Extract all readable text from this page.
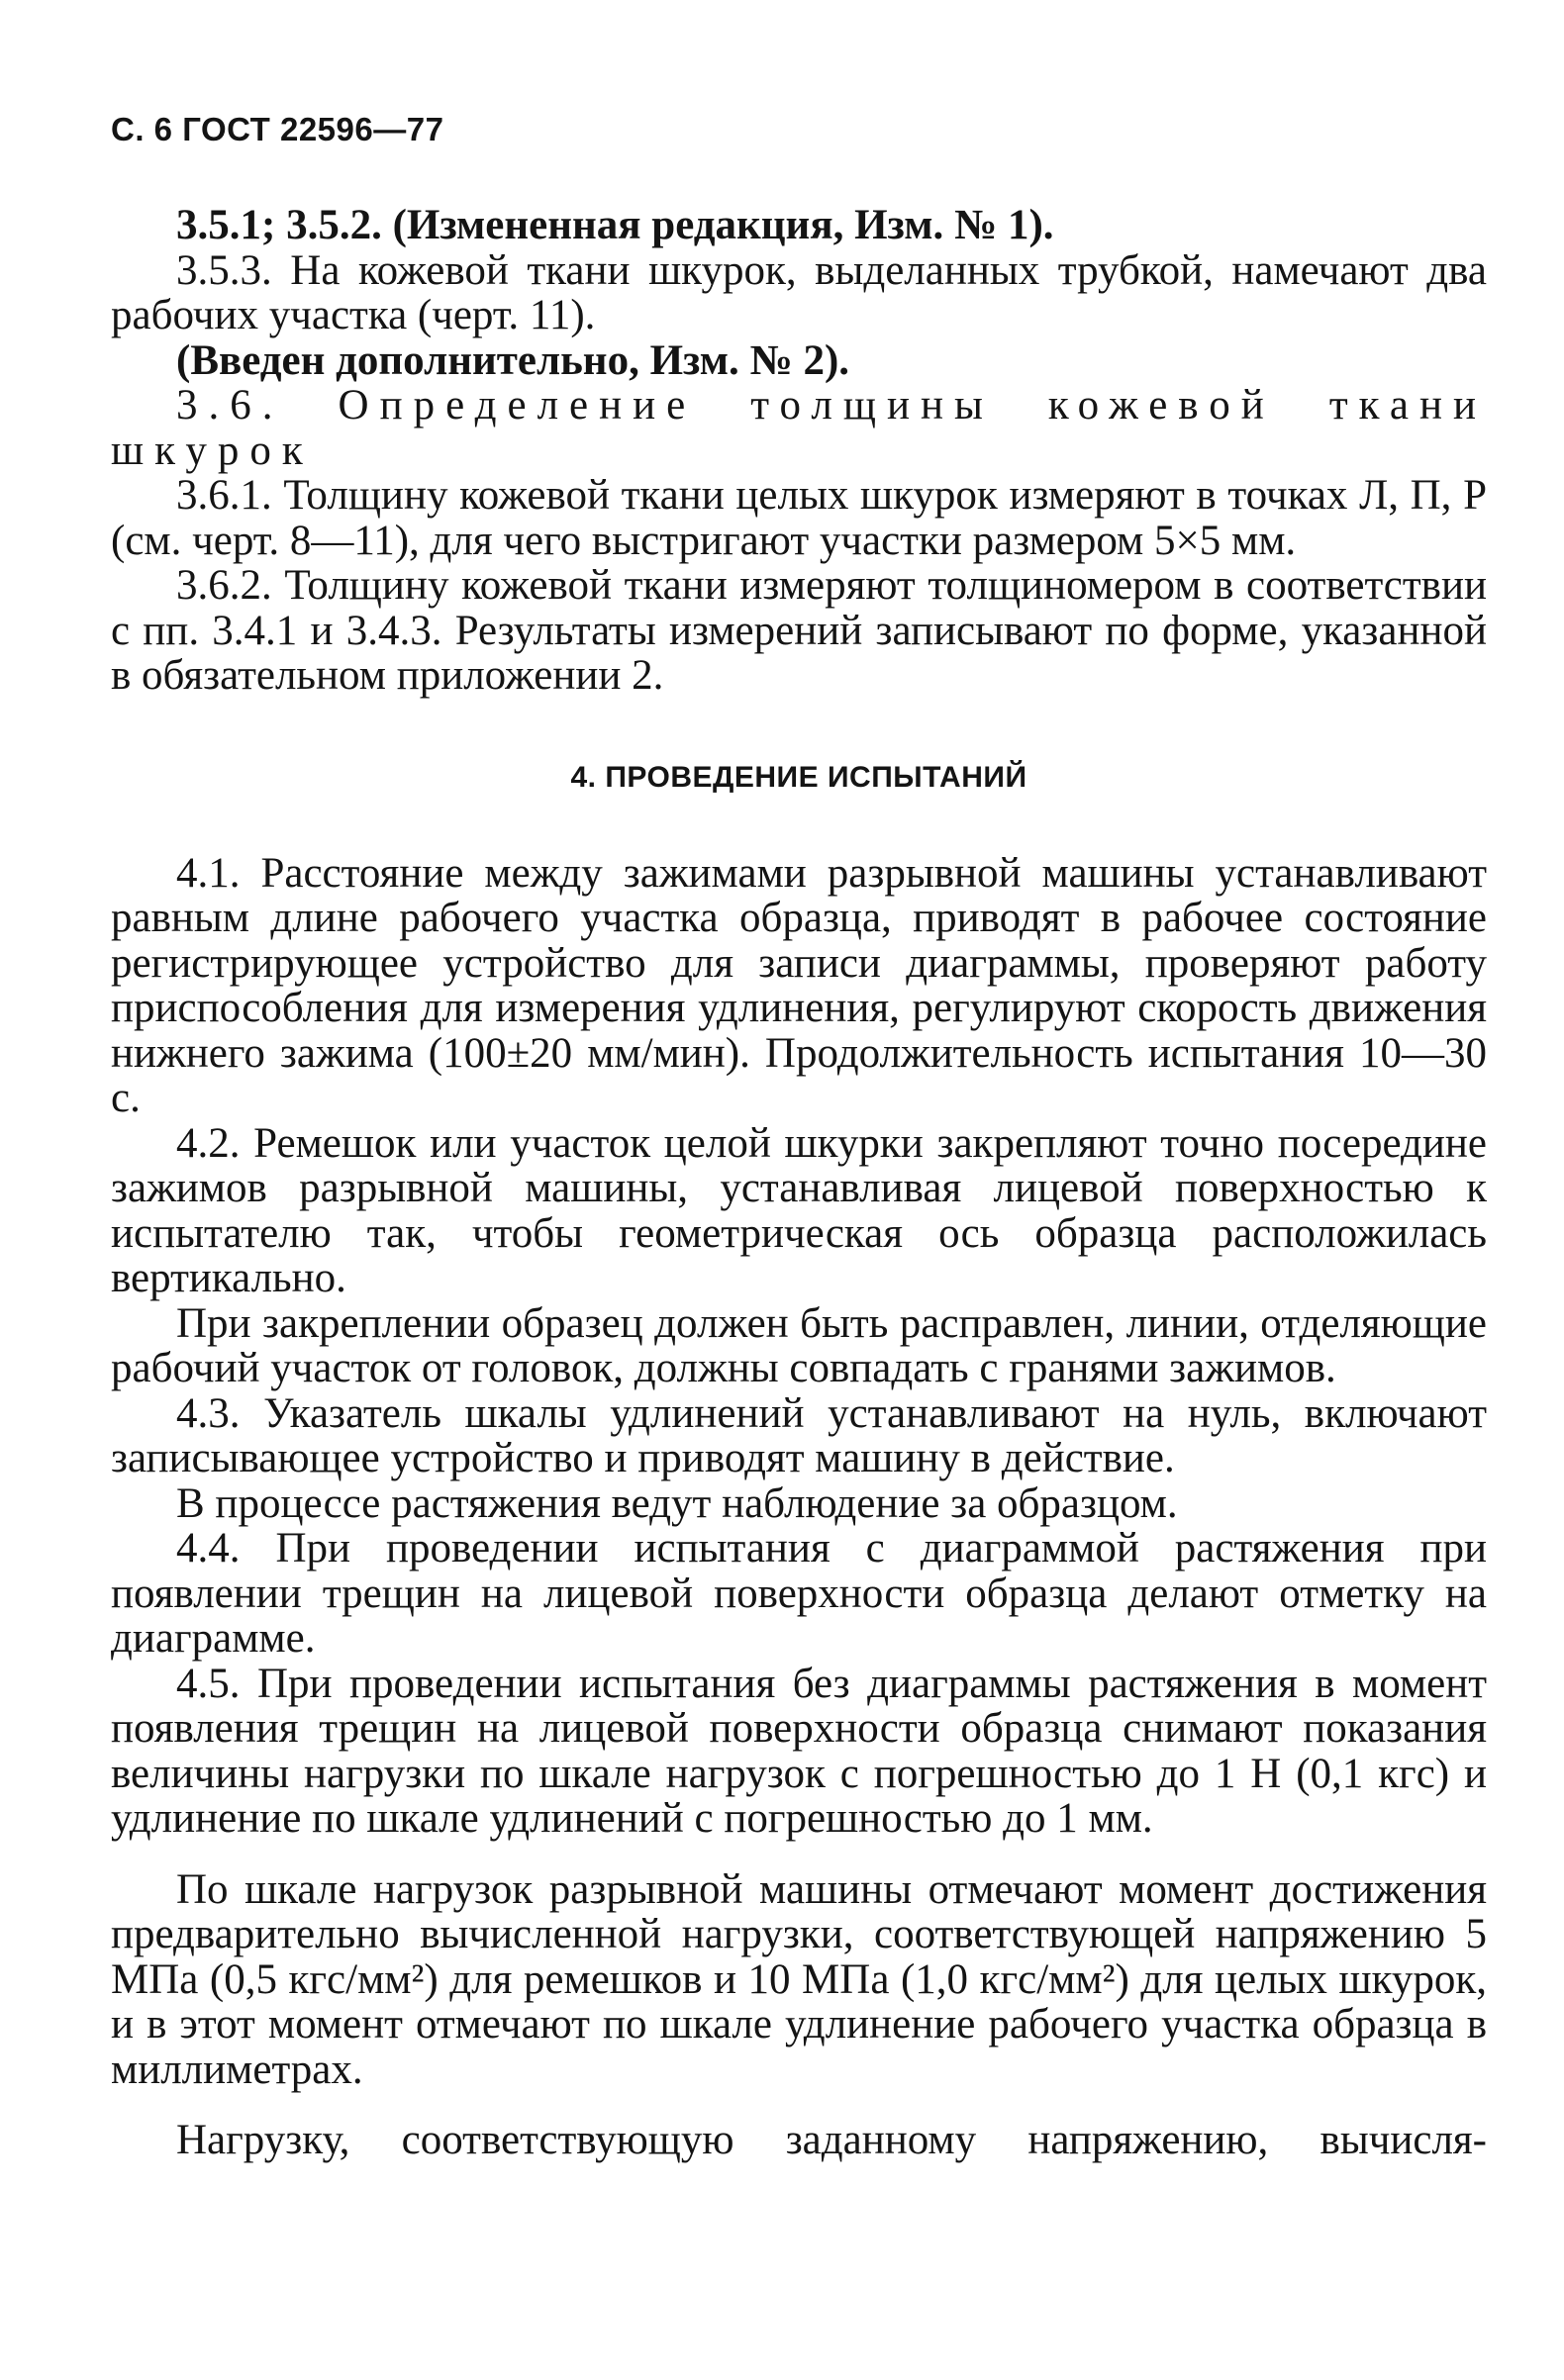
С. 6 ГОСТ 22596—77

3.5.1; 3.5.2. (Измененная редакция, Изм. № 1).

3.5.3. На кожевой ткани шкурок, выделанных трубкой, намечают два рабочих участка (черт. 11).

(Введен дополнительно, Изм. № 2).

3.6. Определение толщины кожевой ткани шкурок

3.6.1. Толщину кожевой ткани целых шкурок измеряют в точках Л, П, Р (см. черт. 8—11), для чего выстригают участки размером 5×5 мм.

3.6.2. Толщину кожевой ткани измеряют толщиномером в соответствии с пп. 3.4.1 и 3.4.3. Результаты измерений записывают по форме, указанной в обязательном приложении 2.

4. ПРОВЕДЕНИЕ ИСПЫТАНИЙ

4.1. Расстояние между зажимами разрывной машины устанавливают равным длине рабочего участка образца, приводят в рабочее состояние регистрирующее устройство для записи диаграммы, проверяют работу приспособления для измерения удлинения, регулируют скорость движения нижнего зажима (100±20 мм/мин). Продолжительность испытания 10—30 с.

4.2. Ремешок или участок целой шкурки закрепляют точно посередине зажимов разрывной машины, устанавливая лицевой поверхностью к испытателю так, чтобы геометрическая ось образца расположилась вертикально.

При закреплении образец должен быть расправлен, линии, отделяющие рабочий участок от головок, должны совпадать с гранями зажимов.

4.3. Указатель шкалы удлинений устанавливают на нуль, включают записывающее устройство и приводят машину в действие.

В процессе растяжения ведут наблюдение за образцом.

4.4. При проведении испытания с диаграммой растяжения при появлении трещин на лицевой поверхности образца делают отметку на диаграмме.

4.5. При проведении испытания без диаграммы растяжения в момент появления трещин на лицевой поверхности образца снимают показания величины нагрузки по шкале нагрузок с погрешностью до 1 Н (0,1 кгс) и удлинение по шкале удлинений с погрешностью до 1 мм.

По шкале нагрузок разрывной машины отмечают момент достижения предварительно вычисленной нагрузки, соответствующей напряжению 5 МПа (0,5 кгс/мм²) для ремешков и 10 МПа (1,0 кгс/мм²) для целых шкурок, и в этот момент отмечают по шкале удлинение рабочего участка образца в миллиметрах.

Нагрузку, соответствующую заданному напряжению, вычисля-
